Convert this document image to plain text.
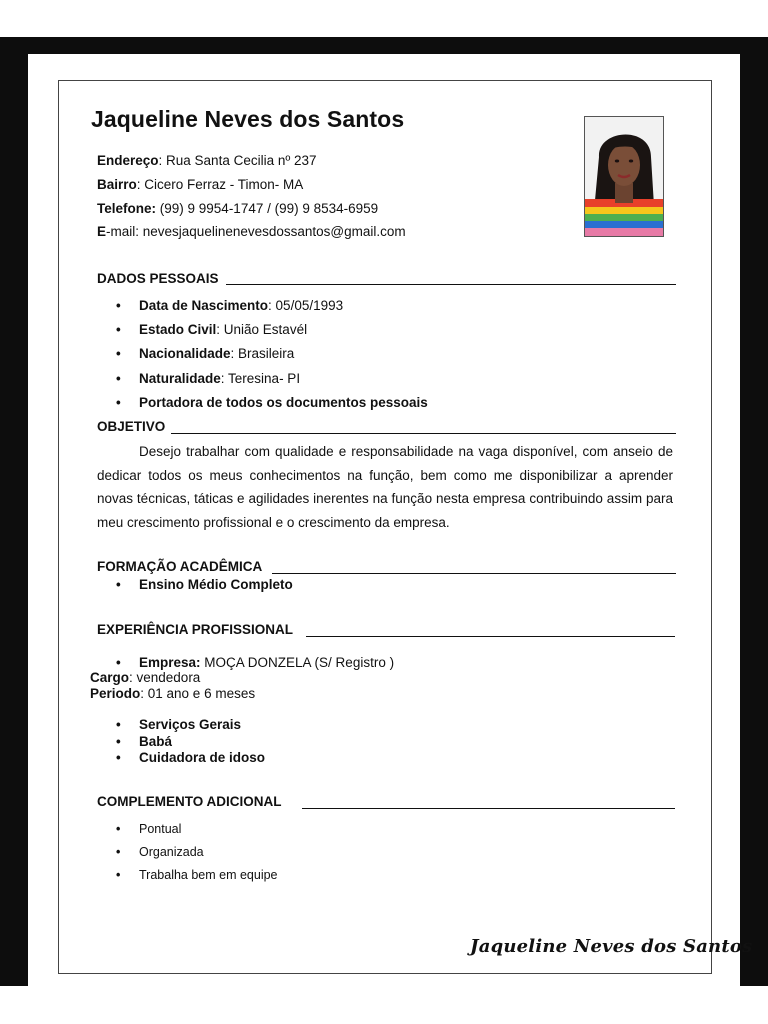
Jaqueline Neves dos Santos
Endereço: Rua Santa Cecilia nº 237
Bairro: Cicero Ferraz - Timon- MA
Telefone: (99) 9 9954-1747 / (99) 9 8534-6959
E-mail: nevesjaquelinenevesdossantos@gmail.com
DADOS PESSOAIS
• Data de Nascimento: 05/05/1993
• Estado Civil: União Estavél
• Nacionalidade: Brasileira
• Naturalidade: Teresina- PI
• Portadora de todos os documentos pessoais
OBJETIVO

Desejo trabalhar com qualidade e responsabilidade na vaga disponível, com anseio de dedicar todos os meus conhecimentos na função, bem como me disponibilizar a aprender novas técnicas, táticas e agilidades inerentes na função nesta empresa contribuindo assim para meu crescimento profissional e o crescimento da empresa.

FORMAÇÃO ACADÊMICA
• Ensino Médio Completo
EXPERIÊNCIA PROFISSIONAL
• Empresa: MOÇA DONZELA (S/ Registro )
Cargo: vendedora
Periodo: 01 ano e 6 meses
• Serviços Gerais
• Babá
• Cuidadora de idoso
COMPLEMENTO ADICIONAL
• Pontual
• Organizada
• Trabalha bem em equipe
Jaqueline Neves dos Santos
